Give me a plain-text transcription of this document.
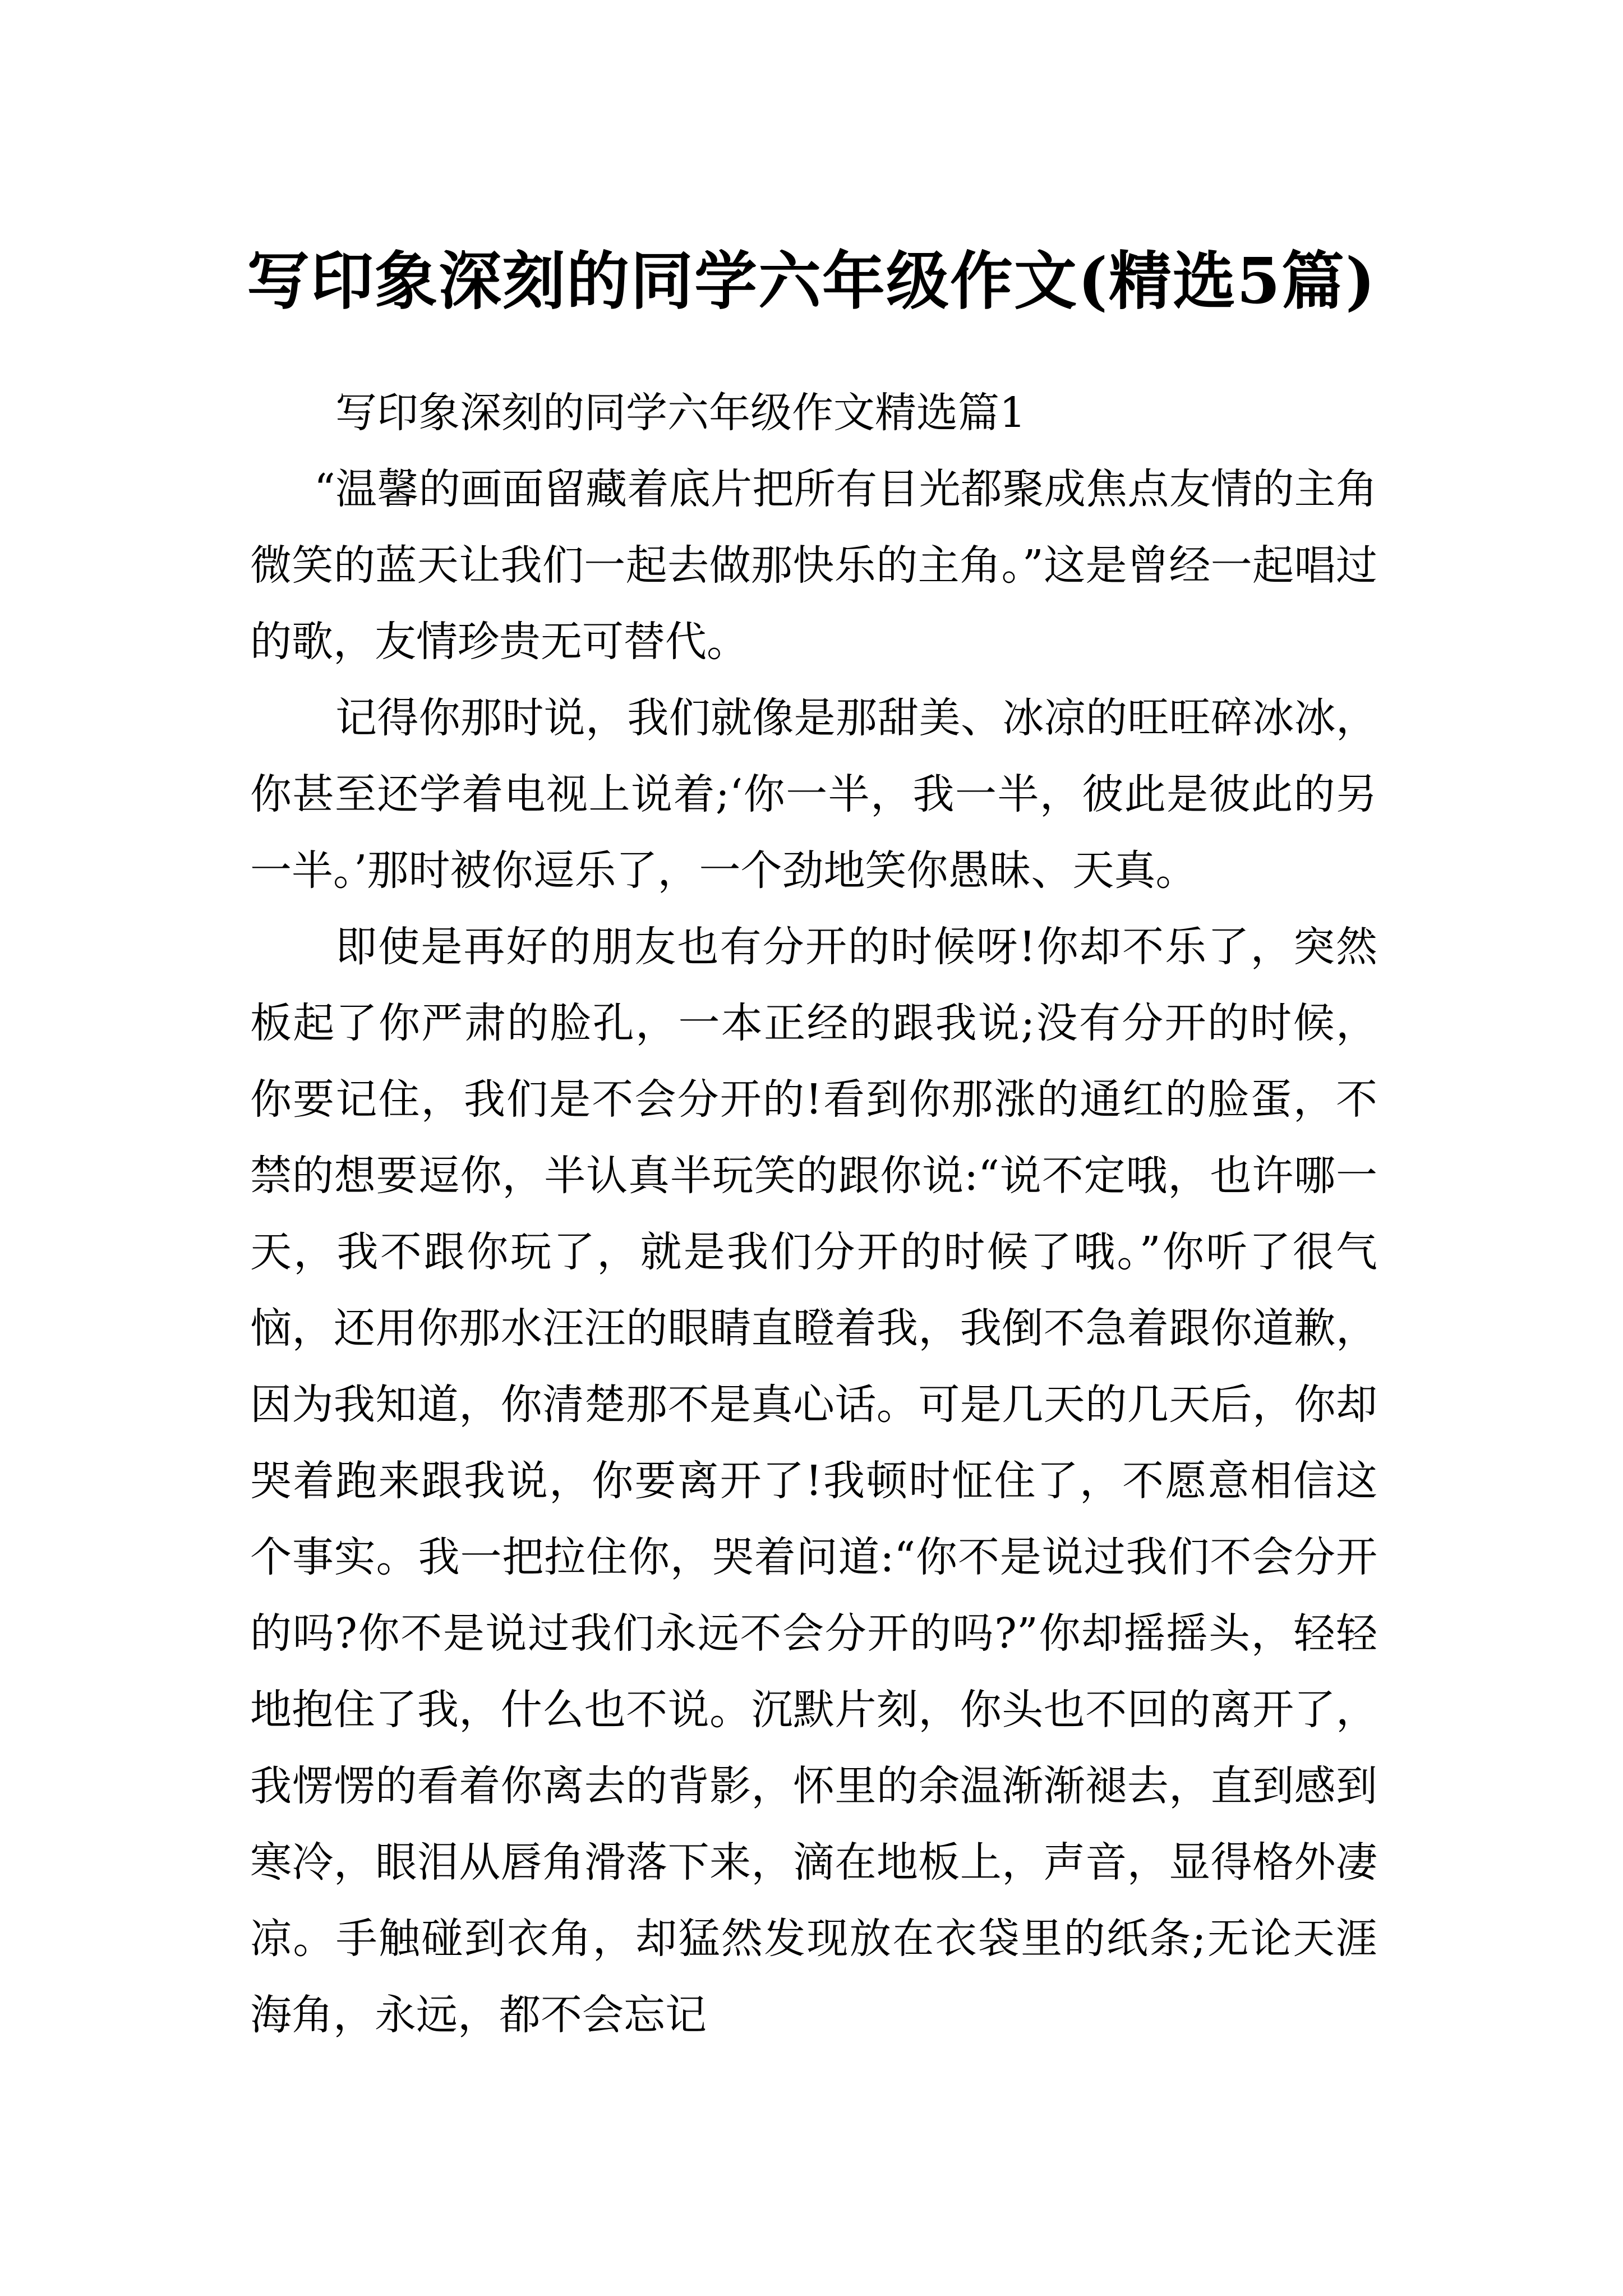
写印象深刻的同学六年级作文(精选5篇)

写印象深刻的同学六年级作文精选篇1

“温馨的画面留藏着底片把所有目光都聚成焦点友情的主角微笑的蓝天让我们一起去做那快乐的主角。”这是曾经一起唱过的歌，友情珍贵无可替代。

记得你那时说，我们就像是那甜美、冰凉的旺旺碎冰冰，你甚至还学着电视上说着;‘你一半，我一半，彼此是彼此的另一半。’那时被你逗乐了，一个劲地笑你愚昧、天真。

即使是再好的朋友也有分开的时候呀!你却不乐了，突然板起了你严肃的脸孔，一本正经的跟我说;没有分开的时候，你要记住，我们是不会分开的!看到你那涨的通红的脸蛋，不禁的想要逗你，半认真半玩笑的跟你说:“说不定哦，也许哪一天，我不跟你玩了，就是我们分开的时候了哦。”你听了很气恼，还用你那水汪汪的眼睛直瞪着我，我倒不急着跟你道歉，因为我知道，你清楚那不是真心话。可是几天的几天后，你却哭着跑来跟我说，你要离开了!我顿时怔住了，不愿意相信这个事实。我一把拉住你，哭着问道:“你不是说过我们不会分开的吗?你不是说过我们永远不会分开的吗?”你却摇摇头，轻轻地抱住了我，什么也不说。沉默片刻，你头也不回的离开了，我愣愣的看着你离去的背影，怀里的余温渐渐褪去，直到感到寒冷，眼泪从唇角滑落下来，滴在地板上，声音，显得格外凄凉。手触碰到衣角，却猛然发现放在衣袋里的纸条;无论天涯海角，永远，都不会忘记
